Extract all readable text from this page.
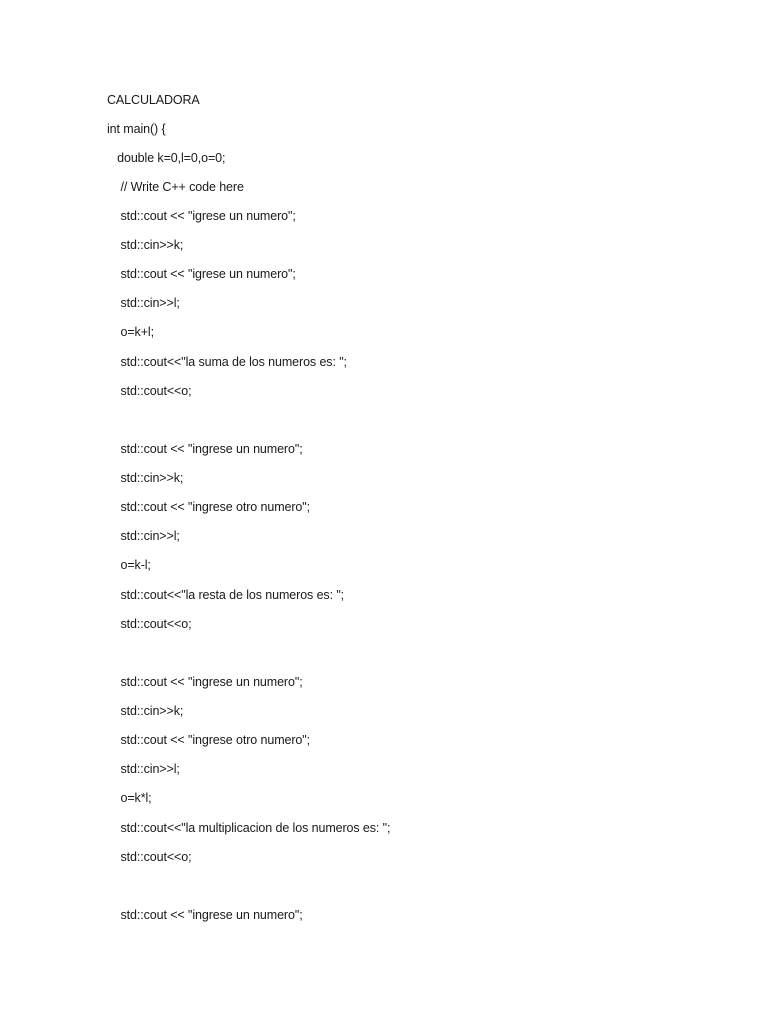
CALCULADORA
int main() {
double k=0,l=0,o=0;
// Write C++ code here
std::cout << "igrese un numero";
std::cin>>k;
std::cout << "igrese un numero";
std::cin>>l;
o=k+l;
std::cout<<"la suma de los numeros es: ";
std::cout<<o;
std::cout << "ingrese un numero";
std::cin>>k;
std::cout << "ingrese otro numero";
std::cin>>l;
o=k-l;
std::cout<<"la resta de los numeros es: ";
std::cout<<o;
std::cout << "ingrese un numero";
std::cin>>k;
std::cout << "ingrese otro numero";
std::cin>>l;
o=k*l;
std::cout<<"la multiplicacion de los numeros es: ";
std::cout<<o;
std::cout << "ingrese un numero";
